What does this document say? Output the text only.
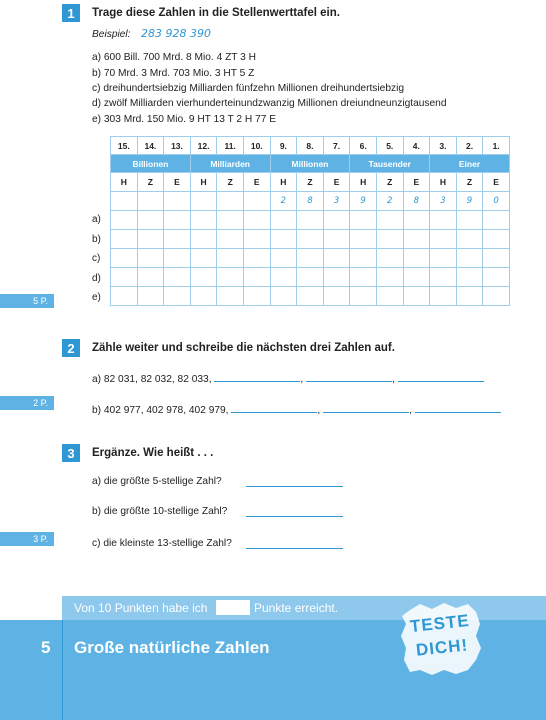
1	Trage diese Zahlen in die Stellenwerttafel ein.
Beispiel: 283 928 390
a) 600 Bill. 700 Mrd. 8 Mio. 4 ZT 3 H
b) 70 Mrd. 3 Mrd. 703 Mio. 3 HT 5 Z
c) dreihundertsiebzig Milliarden fünfzehn Millionen dreihundertsiebzig
d) zwölf Milliarden vierhunderteinundzwanzig Millionen dreiundneunzigtausend
e) 303 Mrd. 150 Mio. 9 HT 13 T 2 H 77 E
15.	14.	13.	12.	11.	10.	9.	8.	7.	6.	5.	4.	3.	2.	1.
Billionen			Milliarden			Millionen			Tausender			Einer		
H	Z	E	H	Z	E	H	Z	E	H	Z	E	H	Z	E
						2	8	3	9	2	8	3	9	0

a)
b)
c)
d)
e)
5 P.
2	Zähle weiter und schreibe die nächsten drei Zahlen auf.
a) 82 031, 82 032, 82 033,	,	,
b) 402 977, 402 978, 402 979,	,	,
2 P.
3	Ergänze. Wie heißt . . .
a) die größte 5-stellige Zahl?
b) die größte 10-stellige Zahl?
c) die kleinste 13-stellige Zahl?
3 P.
Von 10 Punkten habe ich	Punkte erreicht.
5 Große natürliche Zahlen
TESTE
DICH!
